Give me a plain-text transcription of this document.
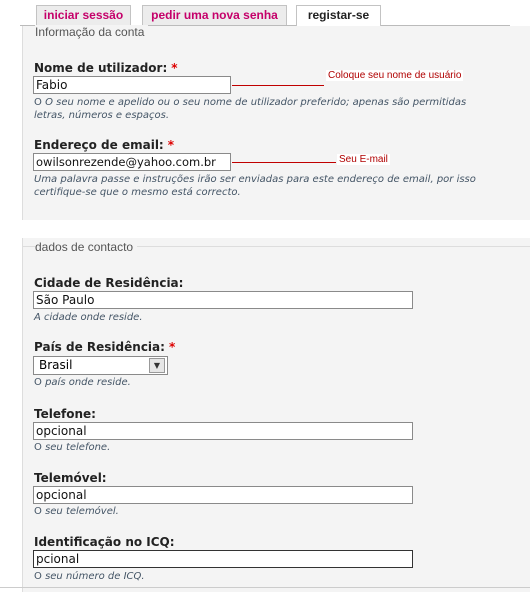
iniciar sessão	pedir uma nova senha	registar-se
Informação da conta
Nome de utilizador: *
Fabio
O O seu nome e apelido ou o seu nome de utilizador preferido; apenas são permitidas letras, números e espaços.
Endereço de email: *
owilsonrezende@yahoo.com.br
Uma palavra passe e instruções irão ser enviadas para este endereço de email, por isso certifique-se que o mesmo está correcto.
Coloque seu nome de usuário
Seu E-mail
dados de contacto
Cidade de Residência:
São Paulo
A cidade onde reside.
País de Residência: *
Brasil	▼
O país onde reside.
Telefone:
opcional
O seu telefone.
Telemóvel:
opcional
O seu telemóvel.
Identificação no ICQ:
pcional
O seu número de ICQ.
